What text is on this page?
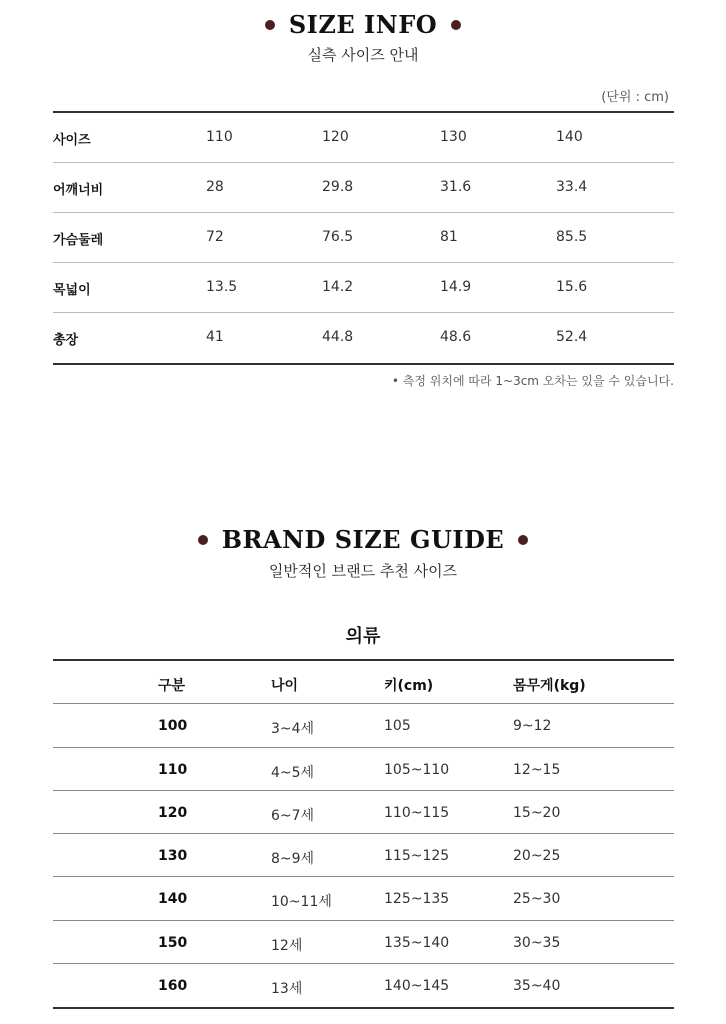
SIZE INFO
실측 사이즈 안내
(단위 : cm)
사이즈	110	120	130	140
어깨너비	28	29.8	31.6	33.4
가슴둘레	72	76.5	81	85.5
목넓이	13.5	14.2	14.9	15.6
총장	41	44.8	48.6	52.4
• 측정 위치에 따라 1~3cm 오차는 있을 수 있습니다.
BRAND SIZE GUIDE
일반적인 브랜드 추천 사이즈
의류
구분	나이	키(cm)	몸무게(kg)
100	3~4세	105	9~12
110	4~5세	105~110	12~15
120	6~7세	110~115	15~20
130	8~9세	115~125	20~25
140	10~11세	125~135	25~30
150	12세	135~140	30~35
160	13세	140~145	35~40
